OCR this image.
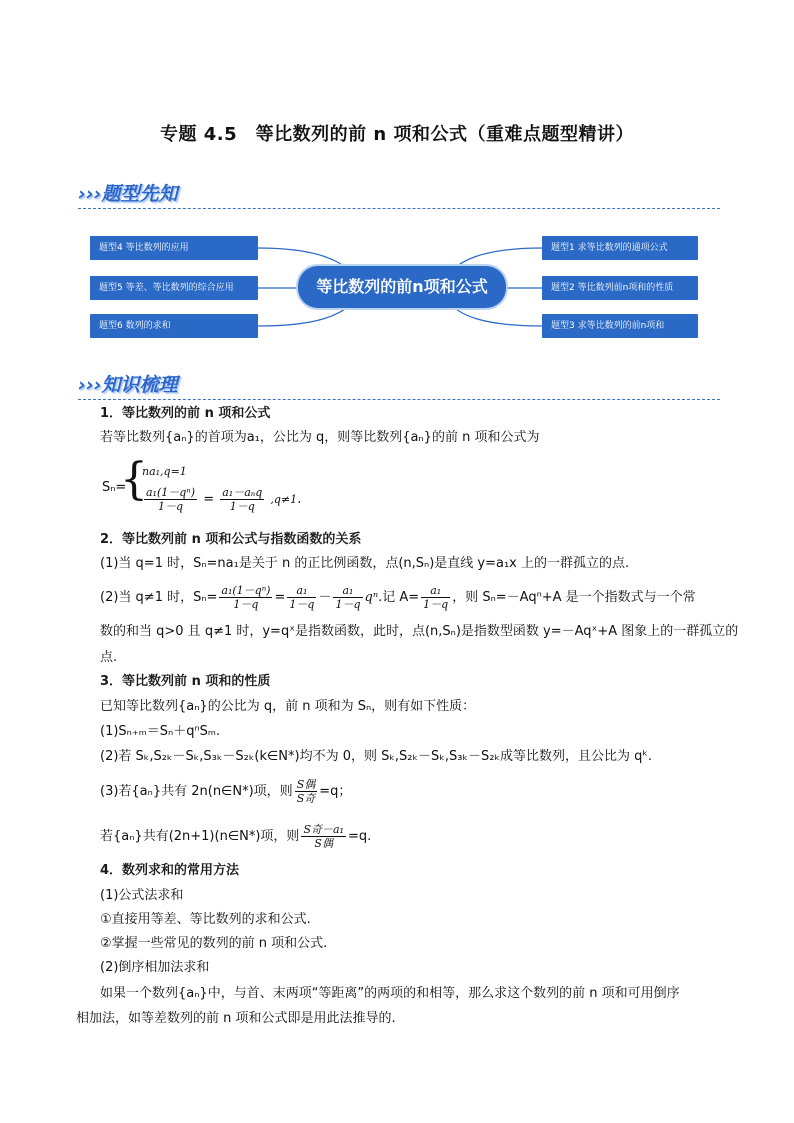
专题 4.5　等比数列的前 n 项和公式（重难点题型精讲）
›››题型先知
题型4 等比数列的应用
题型5 等差、等比数列的综合应用
题型6 数列的求和
等比数列的前n项和公式
题型1 求等比数列的通项公式
题型2 等比数列前n项和的性质
题型3 求等比数列的前n项和
›››知识梳理
1．等比数列的前 n 项和公式
若等比数列{aₙ}的首项为a₁，公比为 q，则等比数列{aₙ}的前 n 项和公式为
Sₙ=
{
na₁,q=1
$\frac{\text{a₁(1－qⁿ)}}{1-q} = \frac{\text{a₁－aₙq}}{1-q} ,q\ne 1$.
2．等比数列前 n 项和公式与指数函数的关系
(1)当 q=1 时，Sₙ=na₁是关于 n 的正比例函数，点(n,Sₙ)是直线 y=a₁x 上的一群孤立的点.
(2)当 q≠1 时，$S_n= \frac{\text{a₁(1－qⁿ)}}{1-q} = \frac{\text{a₁}}{1-q} - \frac{\text{a₁}}{1-q} q^n$.记 $A= \frac{\text{a₁}}{1-q}$ ，则 Sₙ=－Aqⁿ+A 是一个指数式与一个常
数的和当 q>0 且 q≠1 时，y=qˣ是指数函数，此时，点(n,Sₙ)是指数型函数 y=－Aqˣ+A 图象上的一群孤立的
点.
3．等比数列前 n 项和的性质
已知等比数列{aₙ}的公比为 q，前 n 项和为 Sₙ，则有如下性质：
(1)Sₙ₊ₘ＝Sₙ＋qⁿSₘ.
(2)若 Sₖ,S₂ₖ－Sₖ,S₃ₖ－S₂ₖ(k∈N*)均不为 0，则 Sₖ,S₂ₖ－Sₖ,S₃ₖ－S₂ₖ成等比数列，且公比为 qᵏ.
(3)若{aₙ}共有 2n(n∈N*)项，则 $\frac{\text{S偶}}{\text{S奇}} =q$；
若{aₙ}共有(2n+1)(n∈N*)项，则 $\frac{\text{S奇－a₁}}{\text{S偶}} =q$.
4．数列求和的常用方法
(1)公式法求和
①直接用等差、等比数列的求和公式.
②掌握一些常见的数列的前 n 项和公式.
(2)倒序相加法求和
如果一个数列{aₙ}中，与首、末两项“等距离”的两项的和相等，那么求这个数列的前 n 项和可用倒序
相加法，如等差数列的前 n 项和公式即是用此法推导的.
